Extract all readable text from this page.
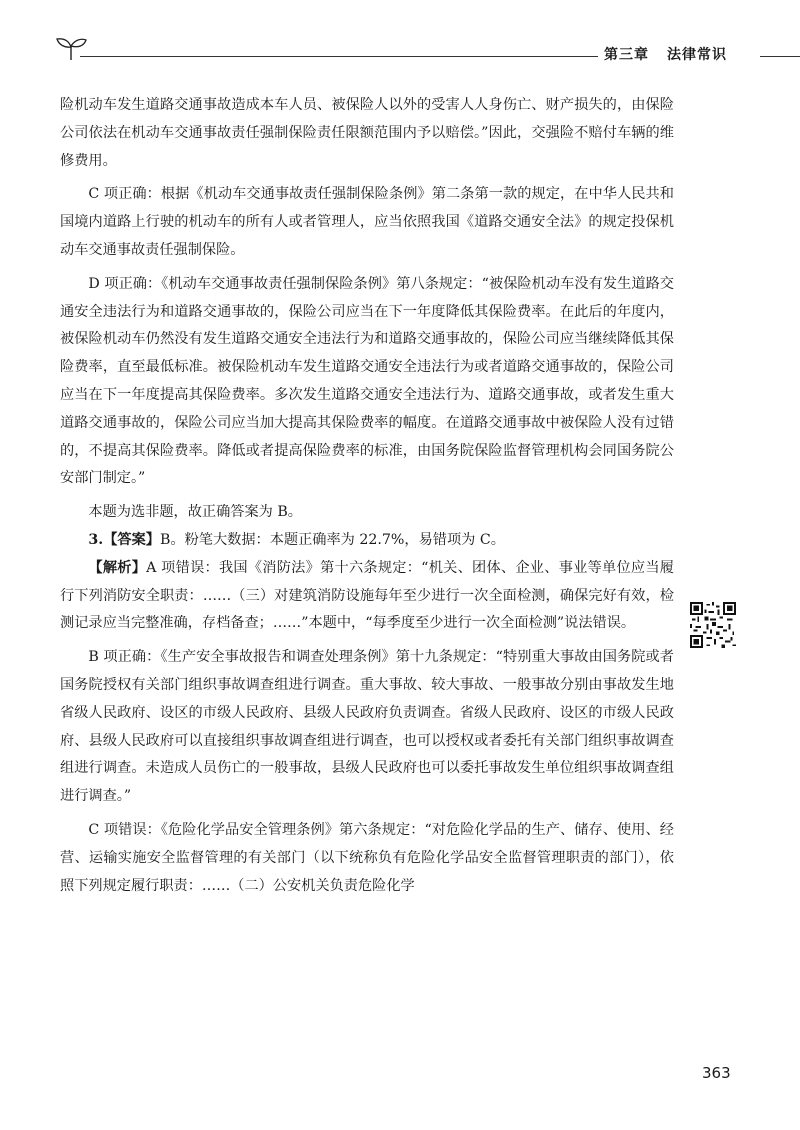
第三章 法律常识

险机动车发生道路交通事故造成本车人员、被保险人以外的受害人人身伤亡、财产损失的，由保险公司依法在机动车交通事故责任强制保险责任限额范围内予以赔偿。”因此，交强险不赔付车辆的维修费用。

C 项正确：根据《机动车交通事故责任强制保险条例》第二条第一款的规定，在中华人民共和国境内道路上行驶的机动车的所有人或者管理人，应当依照我国《道路交通安全法》的规定投保机动车交通事故责任强制保险。

D 项正确：《机动车交通事故责任强制保险条例》第八条规定：“被保险机动车没有发生道路交通安全违法行为和道路交通事故的，保险公司应当在下一年度降低其保险费率。在此后的年度内，被保险机动车仍然没有发生道路交通安全违法行为和道路交通事故的，保险公司应当继续降低其保险费率，直至最低标准。被保险机动车发生道路交通安全违法行为或者道路交通事故的，保险公司应当在下一年度提高其保险费率。多次发生道路交通安全违法行为、道路交通事故，或者发生重大道路交通事故的，保险公司应当加大提高其保险费率的幅度。在道路交通事故中被保险人没有过错的，不提高其保险费率。降低或者提高保险费率的标准，由国务院保险监督管理机构会同国务院公安部门制定。”

本题为选非题，故正确答案为 B。

3.【答案】B。粉笔大数据：本题正确率为 22.7%，易错项为 C。

【解析】A 项错误：我国《消防法》第十六条规定：“机关、团体、企业、事业等单位应当履行下列消防安全职责：……（三）对建筑消防设施每年至少进行一次全面检测，确保完好有效，检测记录应当完整准确，存档备查；……”本题中，“每季度至少进行一次全面检测”说法错误。

B 项正确：《生产安全事故报告和调查处理条例》第十九条规定：“特别重大事故由国务院或者国务院授权有关部门组织事故调查组进行调查。重大事故、较大事故、一般事故分别由事故发生地省级人民政府、设区的市级人民政府、县级人民政府负责调查。省级人民政府、设区的市级人民政府、县级人民政府可以直接组织事故调查组进行调查，也可以授权或者委托有关部门组织事故调查组进行调查。未造成人员伤亡的一般事故，县级人民政府也可以委托事故发生单位组织事故调查组进行调查。”

C 项错误：《危险化学品安全管理条例》第六条规定：“对危险化学品的生产、储存、使用、经营、运输实施安全监督管理的有关部门（以下统称负有危险化学品安全监督管理职责的部门），依照下列规定履行职责：……（二）公安机关负责危险化学

363
